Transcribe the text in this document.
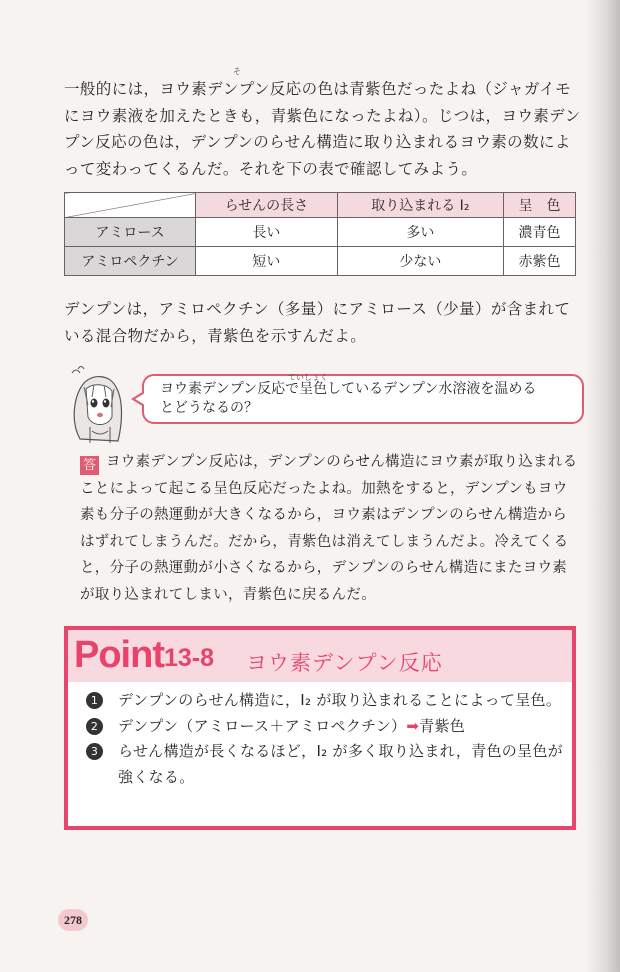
そ

一般的には，ヨウ素デンプン反応の色は青紫色だったよね（ジャガイモにヨウ素液を加えたときも，青紫色になったよね）。じつは，ヨウ素デンプン反応の色は，デンプンのらせん構造に取り込まれるヨウ素の数によって変わってくるんだ。それを下の表で確認してみよう。

	らせんの長さ	取り込まれる I₂	呈　色
アミロース	長い	多い	濃青色
アミロペクチン	短い	少ない	赤紫色

デンプンは，アミロペクチン（多量）にアミロース（少量）が含まれている混合物だから，青紫色を示すんだよ。

ていしょく
ヨウ素デンプン反応で呈色しているデンプン水溶液を温める
とどうなるの？
答 ヨウ素デンプン反応は，デンプンのらせん構造にヨウ素が取り込まれることによって起こる呈色反応だったよね。加熱をすると，デンプンもヨウ素も分子の熱運動が大きくなるから，ヨウ素はデンプンのらせん構造からはずれてしまうんだ。だから，青紫色は消えてしまうんだよ。冷えてくると，分子の熱運動が小さくなるから，デンプンのらせん構造にまたヨウ素が取り込まれてしまい，青紫色に戻るんだ。

Point 13-8 ヨウ素デンプン反応
1	デンプンのらせん構造に，I₂ が取り込まれることによって呈色。
2	デンプン（アミロース＋アミロペクチン）➡青紫色
3	らせん構造が長くなるほど，I₂ が多く取り込まれ，青色の呈色が強くなる。
278
